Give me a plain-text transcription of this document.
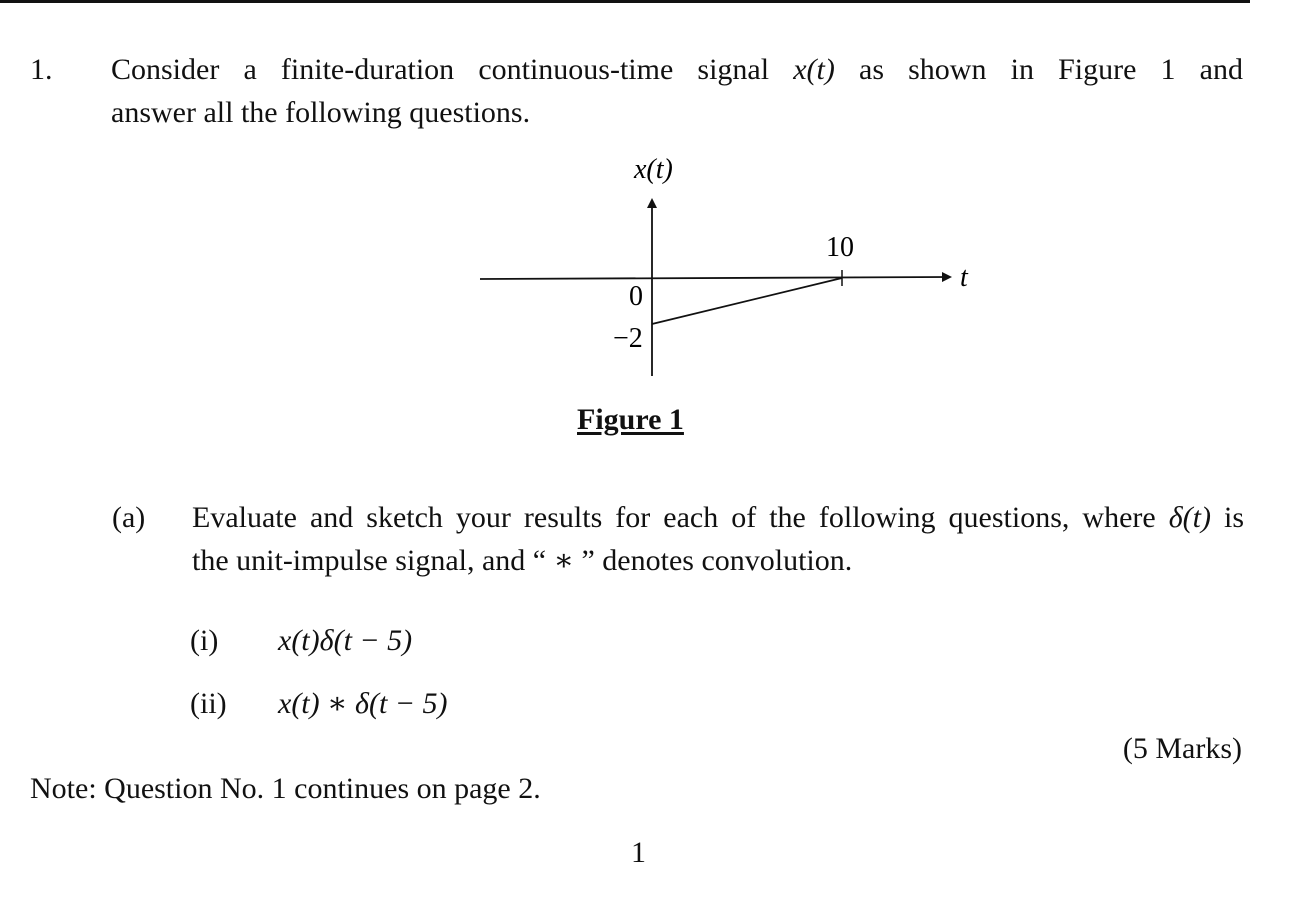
1. Consider a finite-duration continuous-time signal x(t) as shown in Figure 1 and
answer all the following questions.
x(t)
t
10
0
−2
Figure 1
(a) Evaluate and sketch your results for each of the following questions, where δ(t) is
the unit-impulse signal, and “ ∗ ” denotes convolution.
(i) x(t)δ(t − 5)
(ii) x(t) ∗ δ(t − 5)
(5 Marks)
Note: Question No. 1 continues on page 2.
1
